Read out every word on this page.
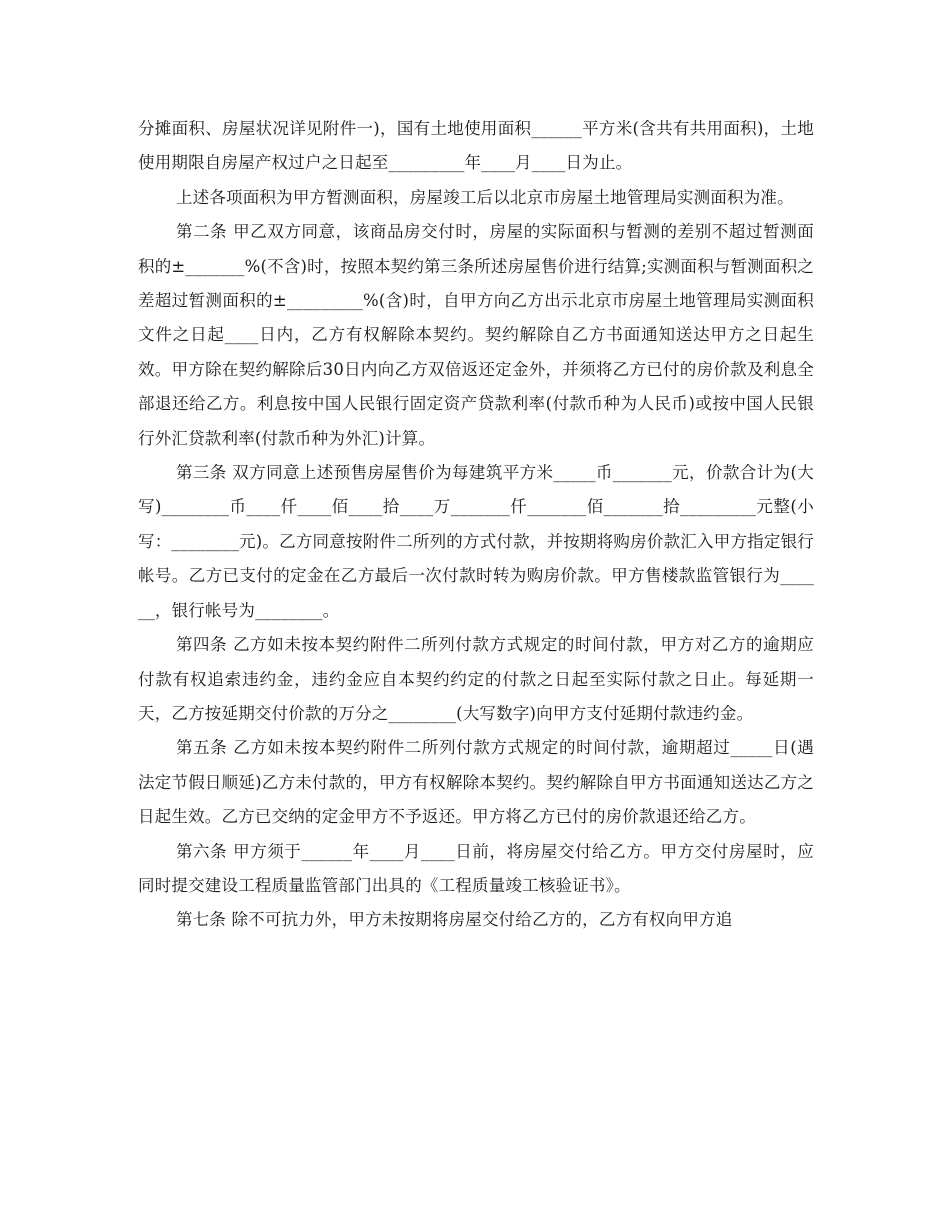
分摊面积、房屋状况详见附件一)，国有土地使用面积______平方米(含共有共用面积)，土地使用期限自房屋产权过户之日起至_________年____月____日为止。

上述各项面积为甲方暂测面积，房屋竣工后以北京市房屋土地管理局实测面积为准。

第二条 甲乙双方同意，该商品房交付时，房屋的实际面积与暂测的差别不超过暂测面积的±_______%(不含)时，按照本契约第三条所述房屋售价进行结算;实测面积与暂测面积之差超过暂测面积的±_________%(含)时，自甲方向乙方出示北京市房屋土地管理局实测面积文件之日起____日内，乙方有权解除本契约。契约解除自乙方书面通知送达甲方之日起生效。甲方除在契约解除后30日内向乙方双倍返还定金外，并须将乙方已付的房价款及利息全部退还给乙方。利息按中国人民银行固定资产贷款利率(付款币种为人民币)或按中国人民银行外汇贷款利率(付款币种为外汇)计算。

第三条 双方同意上述预售房屋售价为每建筑平方米_____币_______元，价款合计为(大写)________币____仟____佰____拾____万_______仟_______佰_______拾_________元整(小写：________元)。乙方同意按附件二所列的方式付款，并按期将购房价款汇入甲方指定银行帐号。乙方已支付的定金在乙方最后一次付款时转为购房价款。甲方售楼款监管银行为______，银行帐号为________。

第四条 乙方如未按本契约附件二所列付款方式规定的时间付款，甲方对乙方的逾期应付款有权追索违约金，违约金应自本契约约定的付款之日起至实际付款之日止。每延期一天，乙方按延期交付价款的万分之________(大写数字)向甲方支付延期付款违约金。

第五条 乙方如未按本契约附件二所列付款方式规定的时间付款，逾期超过_____日(遇法定节假日顺延)乙方未付款的，甲方有权解除本契约。契约解除自甲方书面通知送达乙方之日起生效。乙方已交纳的定金甲方不予返还。甲方将乙方已付的房价款退还给乙方。

第六条 甲方须于______年____月____日前，将房屋交付给乙方。甲方交付房屋时，应同时提交建设工程质量监管部门出具的《工程质量竣工核验证书》。

第七条 除不可抗力外，甲方未按期将房屋交付给乙方的，乙方有权向甲方追
